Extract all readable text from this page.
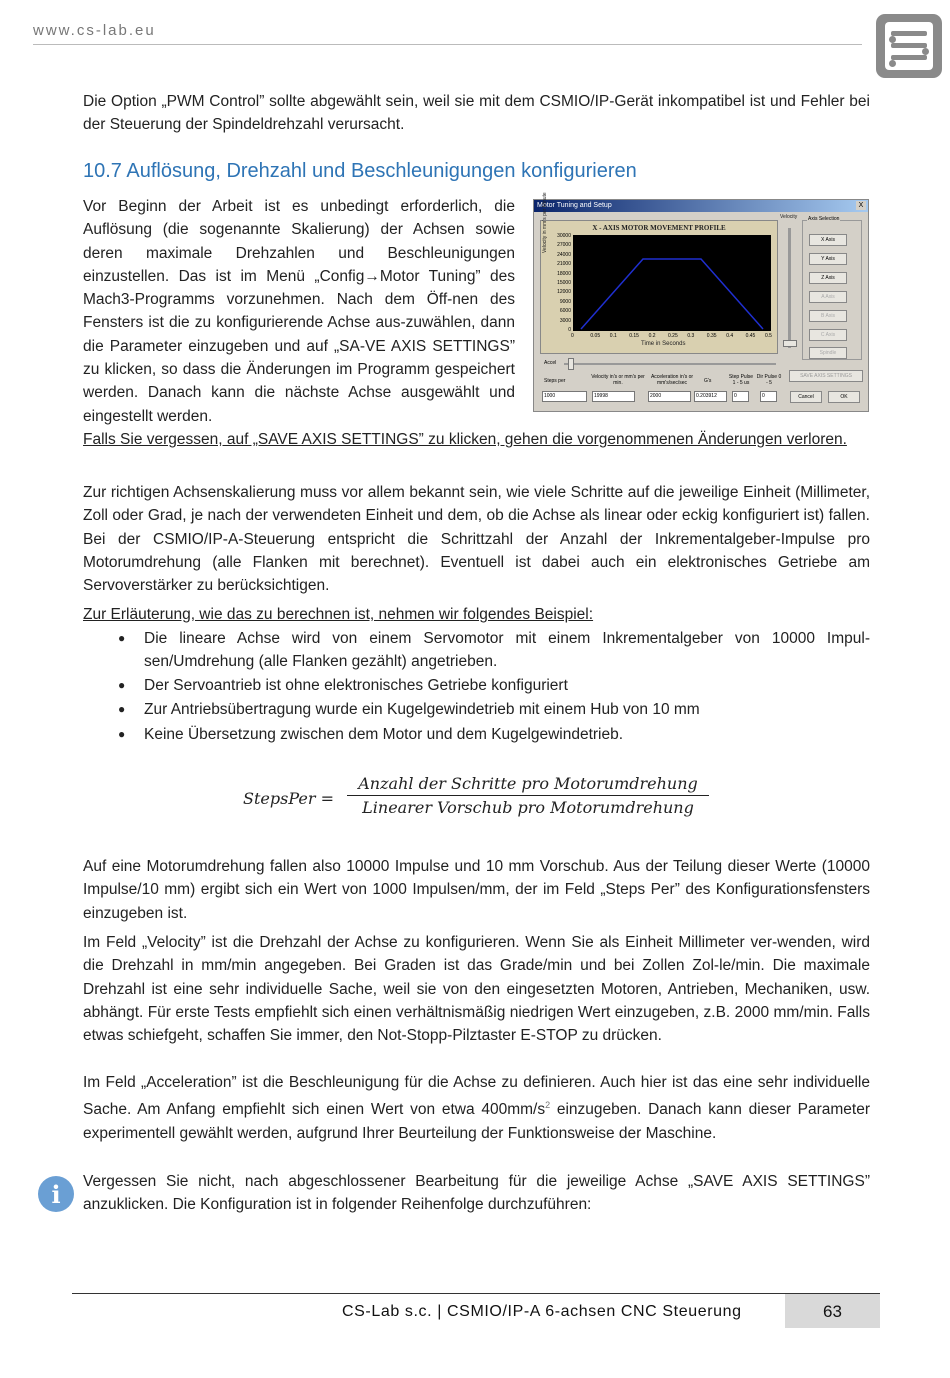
www.cs-lab.eu
Die Option „PWM Control” sollte abgewählt sein, weil sie mit dem CSMIO/IP-Gerät inkompatibel ist und Fehler bei der Steuerung der Spindeldrehzahl verursacht.
10.7 Auflösung, Drehzahl und Beschleunigungen konfigurieren
Vor Beginn der Arbeit ist es unbedingt erforderlich, die Auflösung (die sogenannte Skalierung) der Achsen sowie deren maximale Drehzahlen und Beschleunigungen einzustellen. Das ist im Menü „Config→Motor Tuning” des Mach3-Programms vorzunehmen. Nach dem Öff-nen des Fensters ist die zu konfigurierende Achse aus-zuwählen, dann die Parameter einzugeben und auf „SA-VE AXIS SETTINGS” zu klicken, so dass die Änderungen im Programm gespeichert werden. Danach kann die nächste Achse ausgewählt und eingestellt werden.
Motor Tuning and Setup	X
X - AXIS MOTOR MOVEMENT PROFILE
Velocity in mm's per Minute	30000
27000
24000
21000
18000
15000
12000
9000
6000
3000
0
0	0.05 0.1 0.15 0.2 0.25 0.3 0.35 0.4 0.45 0.5
Time in Seconds
Velocity Axis Selection
X Axis
Y Axis
Z Axis
A Axis
B Axis
C Axis
Spindle
Accel
SAVE AXIS SETTINGS
Steps per
Velocity in's or mm's per min.
Acceleration in's or mm's/sec/sec	G's
Step Pulse 1 - 5 us
Dir Pulse 0 - 5
1000	19998	2000	0.203912	0	0	Cancel	OK
Falls Sie vergessen, auf „SAVE AXIS SETTINGS” zu klicken, gehen die vorgenommenen Änderungen verloren.
Zur richtigen Achsenskalierung muss vor allem bekannt sein, wie viele Schritte auf die jeweilige Einheit (Millimeter, Zoll oder Grad, je nach der verwendeten Einheit und dem, ob die Achse als linear oder eckig konfiguriert ist) fallen. Bei der CSMIO/IP-A-Steuerung entspricht die Schrittzahl der Anzahl der Inkrementalgeber-Impulse pro Motorumdrehung (alle Flanken mit berechnet). Eventuell ist dabei auch ein elektronisches Getriebe am Servoverstärker zu berücksichtigen.
Zur Erläuterung, wie das zu berechnen ist, nehmen wir folgendes Beispiel:
● Die lineare Achse wird von einem Servomotor mit einem Inkrementalgeber von 10000 Impul-sen/Umdrehung (alle Flanken gezählt) angetrieben.
● Der Servoantrieb ist ohne elektronisches Getriebe konfiguriert
● Zur Antriebsübertragung wurde ein Kugelgewindetrieb mit einem Hub von 10 mm
● Keine Übersetzung zwischen dem Motor und dem Kugelgewindetrieb.
StepsPer =
Anzahl der Schritte pro Motorumdrehung
Linearer Vorschub pro Motorumdrehung
Auf eine Motorumdrehung fallen also 10000 Impulse und 10 mm Vorschub. Aus der Teilung dieser Werte (10000 Impulse/10 mm) ergibt sich ein Wert von 1000 Impulsen/mm, der im Feld „Steps Per” des Konfigurationsfensters einzugeben ist.
Im Feld „Velocity” ist die Drehzahl der Achse zu konfigurieren. Wenn Sie als Einheit Millimeter ver-wenden, wird die Drehzahl in mm/min angegeben. Bei Graden ist das Grade/min und bei Zollen Zol-le/min. Die maximale Drehzahl ist eine sehr individuelle Sache, weil sie von den eingesetzten Motoren, Antrieben, Mechaniken, usw. abhängt. Für erste Tests empfiehlt sich einen verhältnismäßig niedrigen Wert einzugeben, z.B. 2000 mm/min. Falls etwas schiefgeht, schaffen Sie immer, den Not-Stopp-Pilztaster E-STOP zu drücken.
Im Feld „Acceleration” ist die Beschleunigung für die Achse zu definieren. Auch hier ist das eine sehr individuelle Sache. Am Anfang empfiehlt sich einen Wert von etwa $400mm/s^2$ einzugeben. Danach kann dieser Parameter experimentell gewählt werden, aufgrund Ihrer Beurteilung der Funktionsweise der Maschine.
i	Vergessen Sie nicht, nach abgeschlossener Bearbeitung für die jeweilige Achse „SAVE AXIS SETTINGS” anzuklicken. Die Konfiguration ist in folgender Reihenfolge durchzuführen:
CS-Lab s.c. | CSMIO/IP-A 6-achsen CNC Steuerung	63
